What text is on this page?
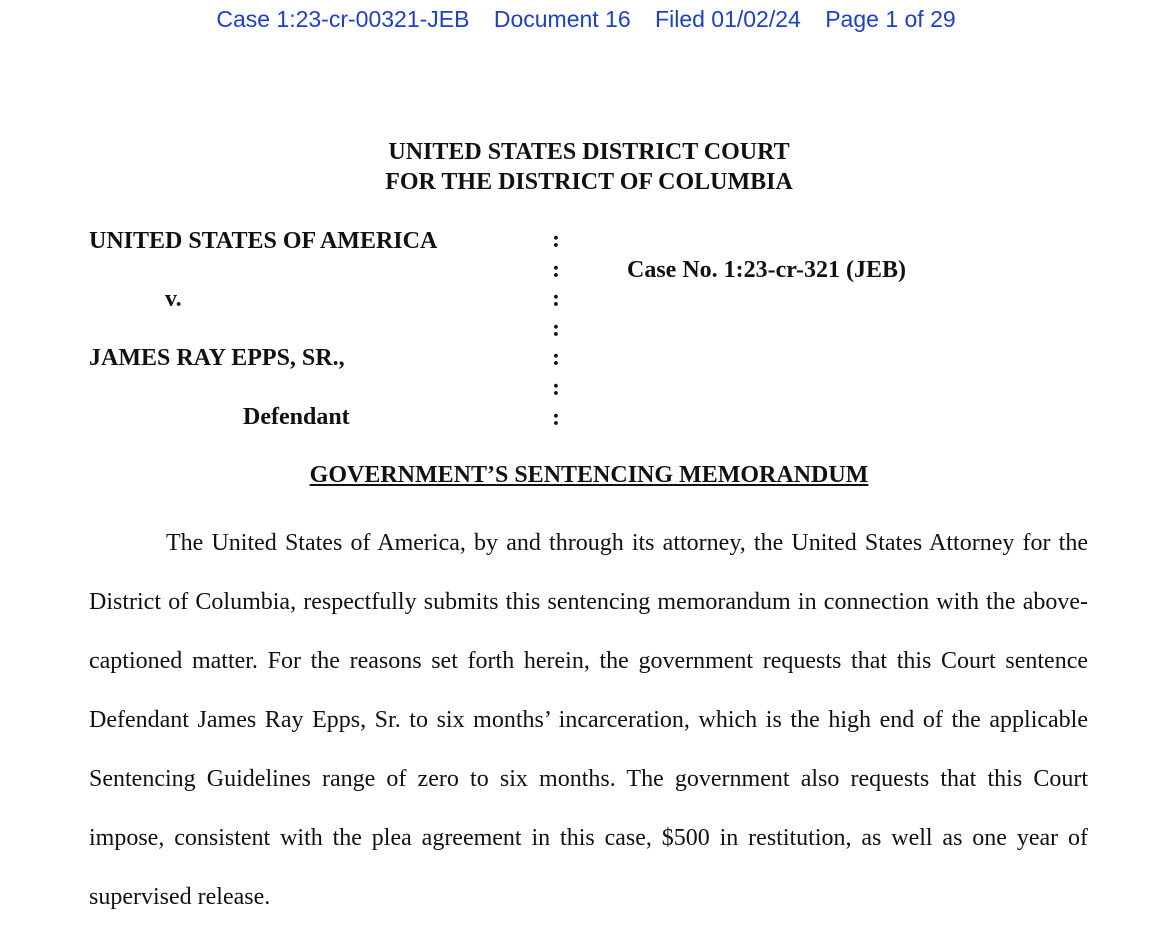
Case 1:23-cr-00321-JEB Document 16 Filed 01/02/24 Page 1 of 29
UNITED STATES DISTRICT COURT
FOR THE DISTRICT OF COLUMBIA
UNITED STATES OF AMERICA
v.
JAMES RAY EPPS, SR.,
Defendant
Case No. 1:23-cr-321 (JEB)
:
:
:
:
:
:
:
GOVERNMENT’S SENTENCING MEMORANDUM

The United States of America, by and through its attorney, the United States Attorney for the District of Columbia, respectfully submits this sentencing memorandum in connection with the above-captioned matter. For the reasons set forth herein, the government requests that this Court sentence Defendant James Ray Epps, Sr. to six months’ incarceration, which is the high end of the applicable Sentencing Guidelines range of zero to six months. The government also requests that this Court impose, consistent with the plea agreement in this case, $500 in restitution, as well as one year of supervised release.
